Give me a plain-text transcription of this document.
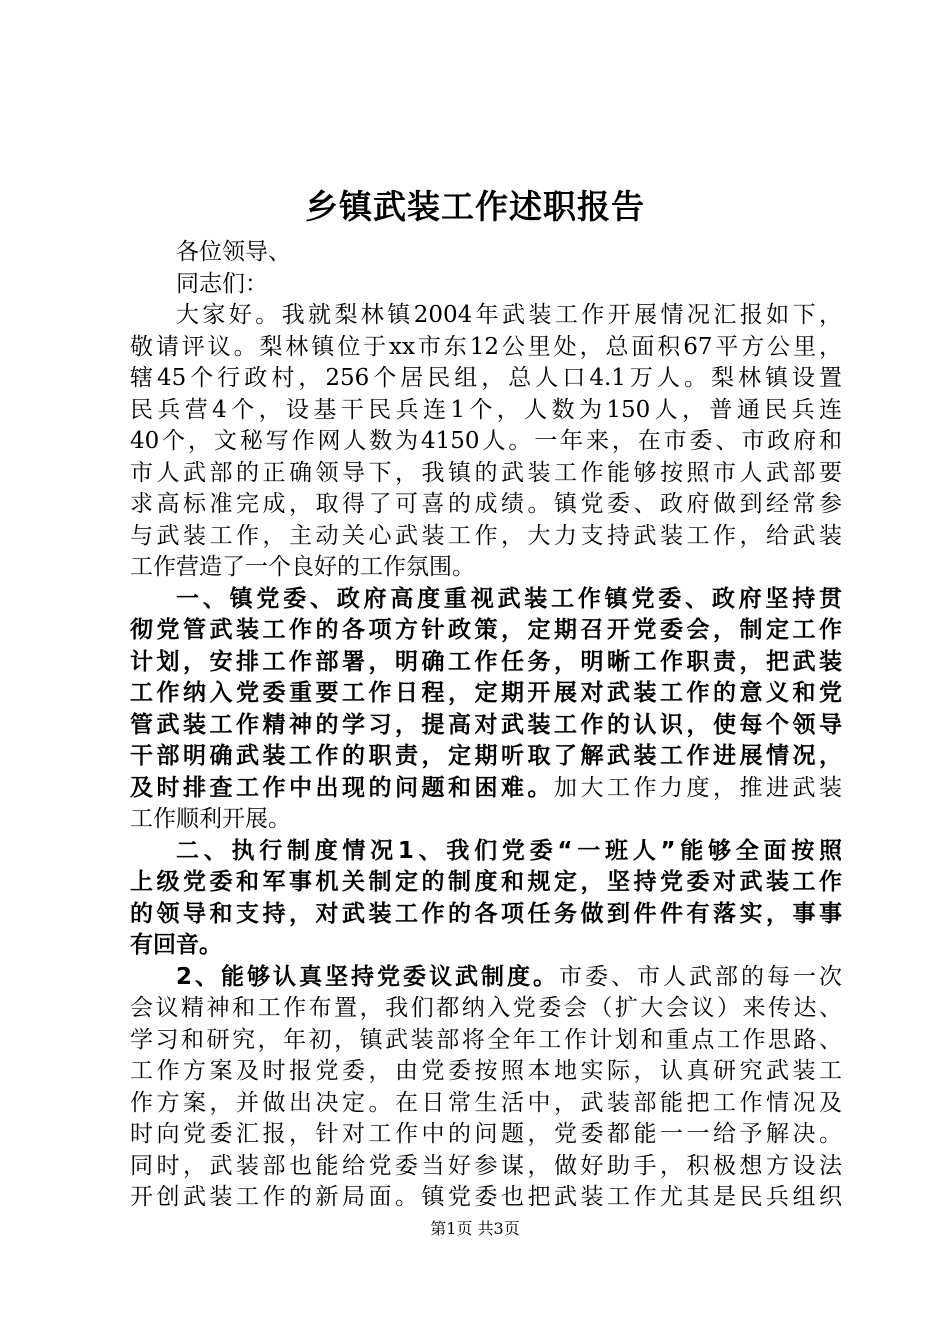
乡镇武装工作述职报告
各位领导、
同志们：
大家好。我就梨林镇2004年武装工作开展情况汇报如下，
敬请评议。梨林镇位于xx市东12公里处，总面积67平方公里，
辖45个行政村，256个居民组，总人口4.1万人。梨林镇设置
民兵营4个，设基干民兵连1个，人数为150人，普通民兵连
40个，文秘写作网人数为4150人。一年来，在市委、市政府和
市人武部的正确领导下，我镇的武装工作能够按照市人武部要
求高标准完成，取得了可喜的成绩。镇党委、政府做到经常参
与武装工作，主动关心武装工作，大力支持武装工作，给武装
工作营造了一个良好的工作氛围。
一、镇党委、政府高度重视武装工作镇党委、政府坚持贯
彻党管武装工作的各项方针政策，定期召开党委会，制定工作
计划，安排工作部署，明确工作任务，明晰工作职责，把武装
工作纳入党委重要工作日程，定期开展对武装工作的意义和党
管武装工作精神的学习，提高对武装工作的认识，使每个领导
干部明确武装工作的职责，定期听取了解武装工作进展情况，
及时排查工作中出现的问题和困难。加大工作力度，推进武装
工作顺利开展。
二、执行制度情况1、我们党委“一班人”能够全面按照
上级党委和军事机关制定的制度和规定，坚持党委对武装工作
的领导和支持，对武装工作的各项任务做到件件有落实，事事
有回音。
2、能够认真坚持党委议武制度。市委、市人武部的每一次
会议精神和工作布置，我们都纳入党委会（扩大会议）来传达、
学习和研究，年初，镇武装部将全年工作计划和重点工作思路、
工作方案及时报党委，由党委按照本地实际，认真研究武装工
作方案，并做出决定。在日常生活中，武装部能把工作情况及
时向党委汇报，针对工作中的问题，党委都能一一给予解决。
同时，武装部也能给党委当好参谋，做好助手，积极想方设法
开创武装工作的新局面。镇党委也把武装工作尤其是民兵组织
第1页 共3页
